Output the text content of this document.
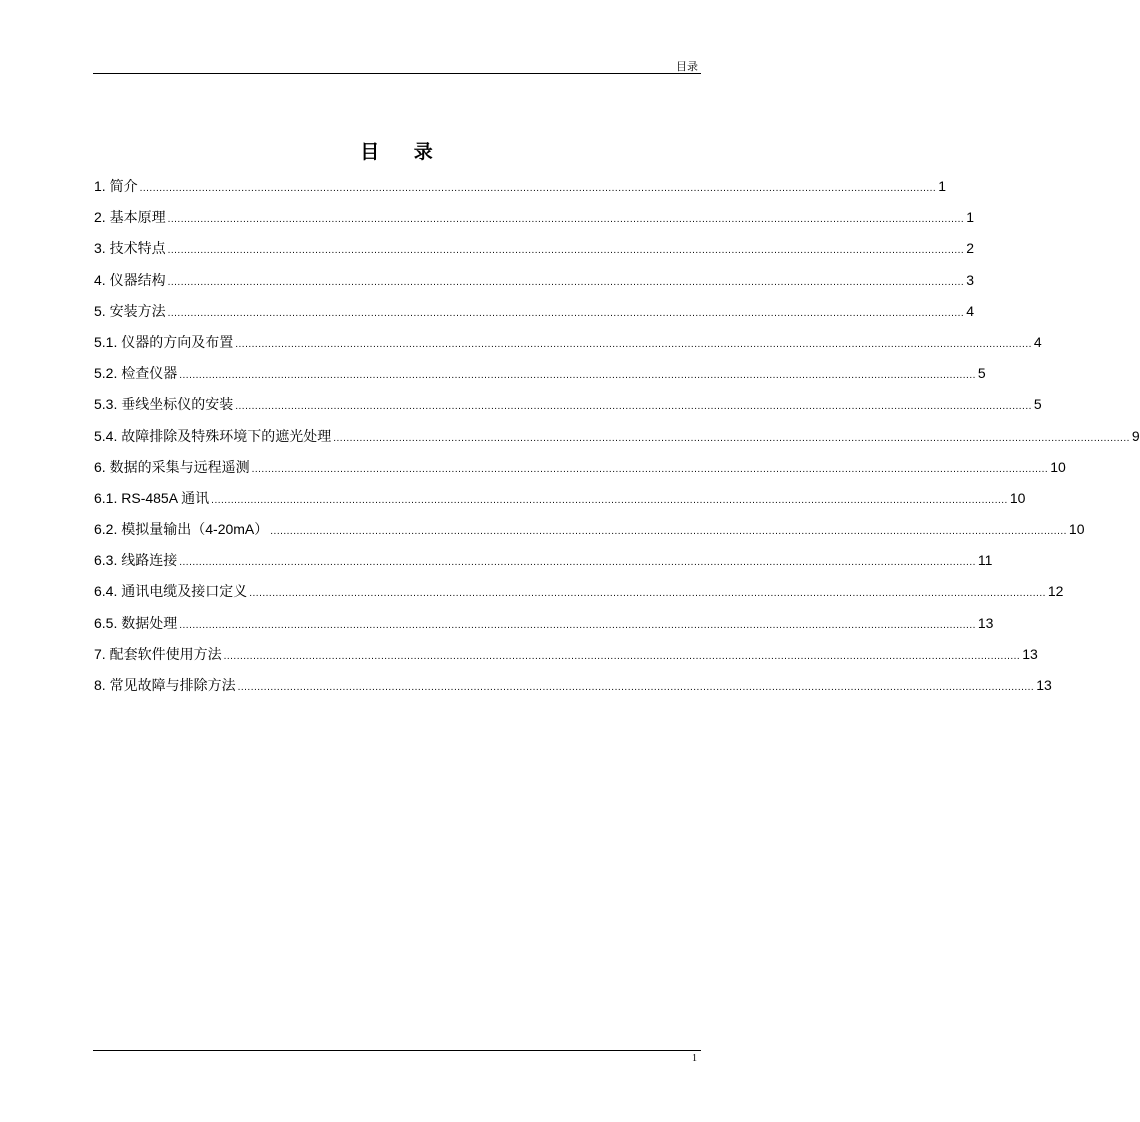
目录
目 录
1. 简介 ................................................................................................................................................................................................................................................... 1
2. 基本原理 ................................................................................................................................................................................................................................................... 1
3. 技术特点 ................................................................................................................................................................................................................................................... 2
4. 仪器结构 ................................................................................................................................................................................................................................................... 3
5. 安装方法 ................................................................................................................................................................................................................................................... 4
5.1. 仪器的方向及布置 ................................................................................................................................................................................................................................................... 4
5.2. 检查仪器 ................................................................................................................................................................................................................................................... 5
5.3. 垂线坐标仪的安装 ................................................................................................................................................................................................................................................... 5
5.4. 故障排除及特殊环境下的遮光处理 ................................................................................................................................................................................................................................................... 9
6. 数据的采集与远程遥测 ................................................................................................................................................................................................................................................... 10
6.1. RS-485A 通讯 ................................................................................................................................................................................................................................................... 10
6.2. 模拟量输出（4-20mA） ................................................................................................................................................................................................................................................... 10
6.3. 线路连接 ................................................................................................................................................................................................................................................... 11
6.4. 通讯电缆及接口定义 ................................................................................................................................................................................................................................................... 12
6.5. 数据处理 ................................................................................................................................................................................................................................................... 13
7. 配套软件使用方法 ................................................................................................................................................................................................................................................... 13
8. 常见故障与排除方法 ................................................................................................................................................................................................................................................... 13
1
